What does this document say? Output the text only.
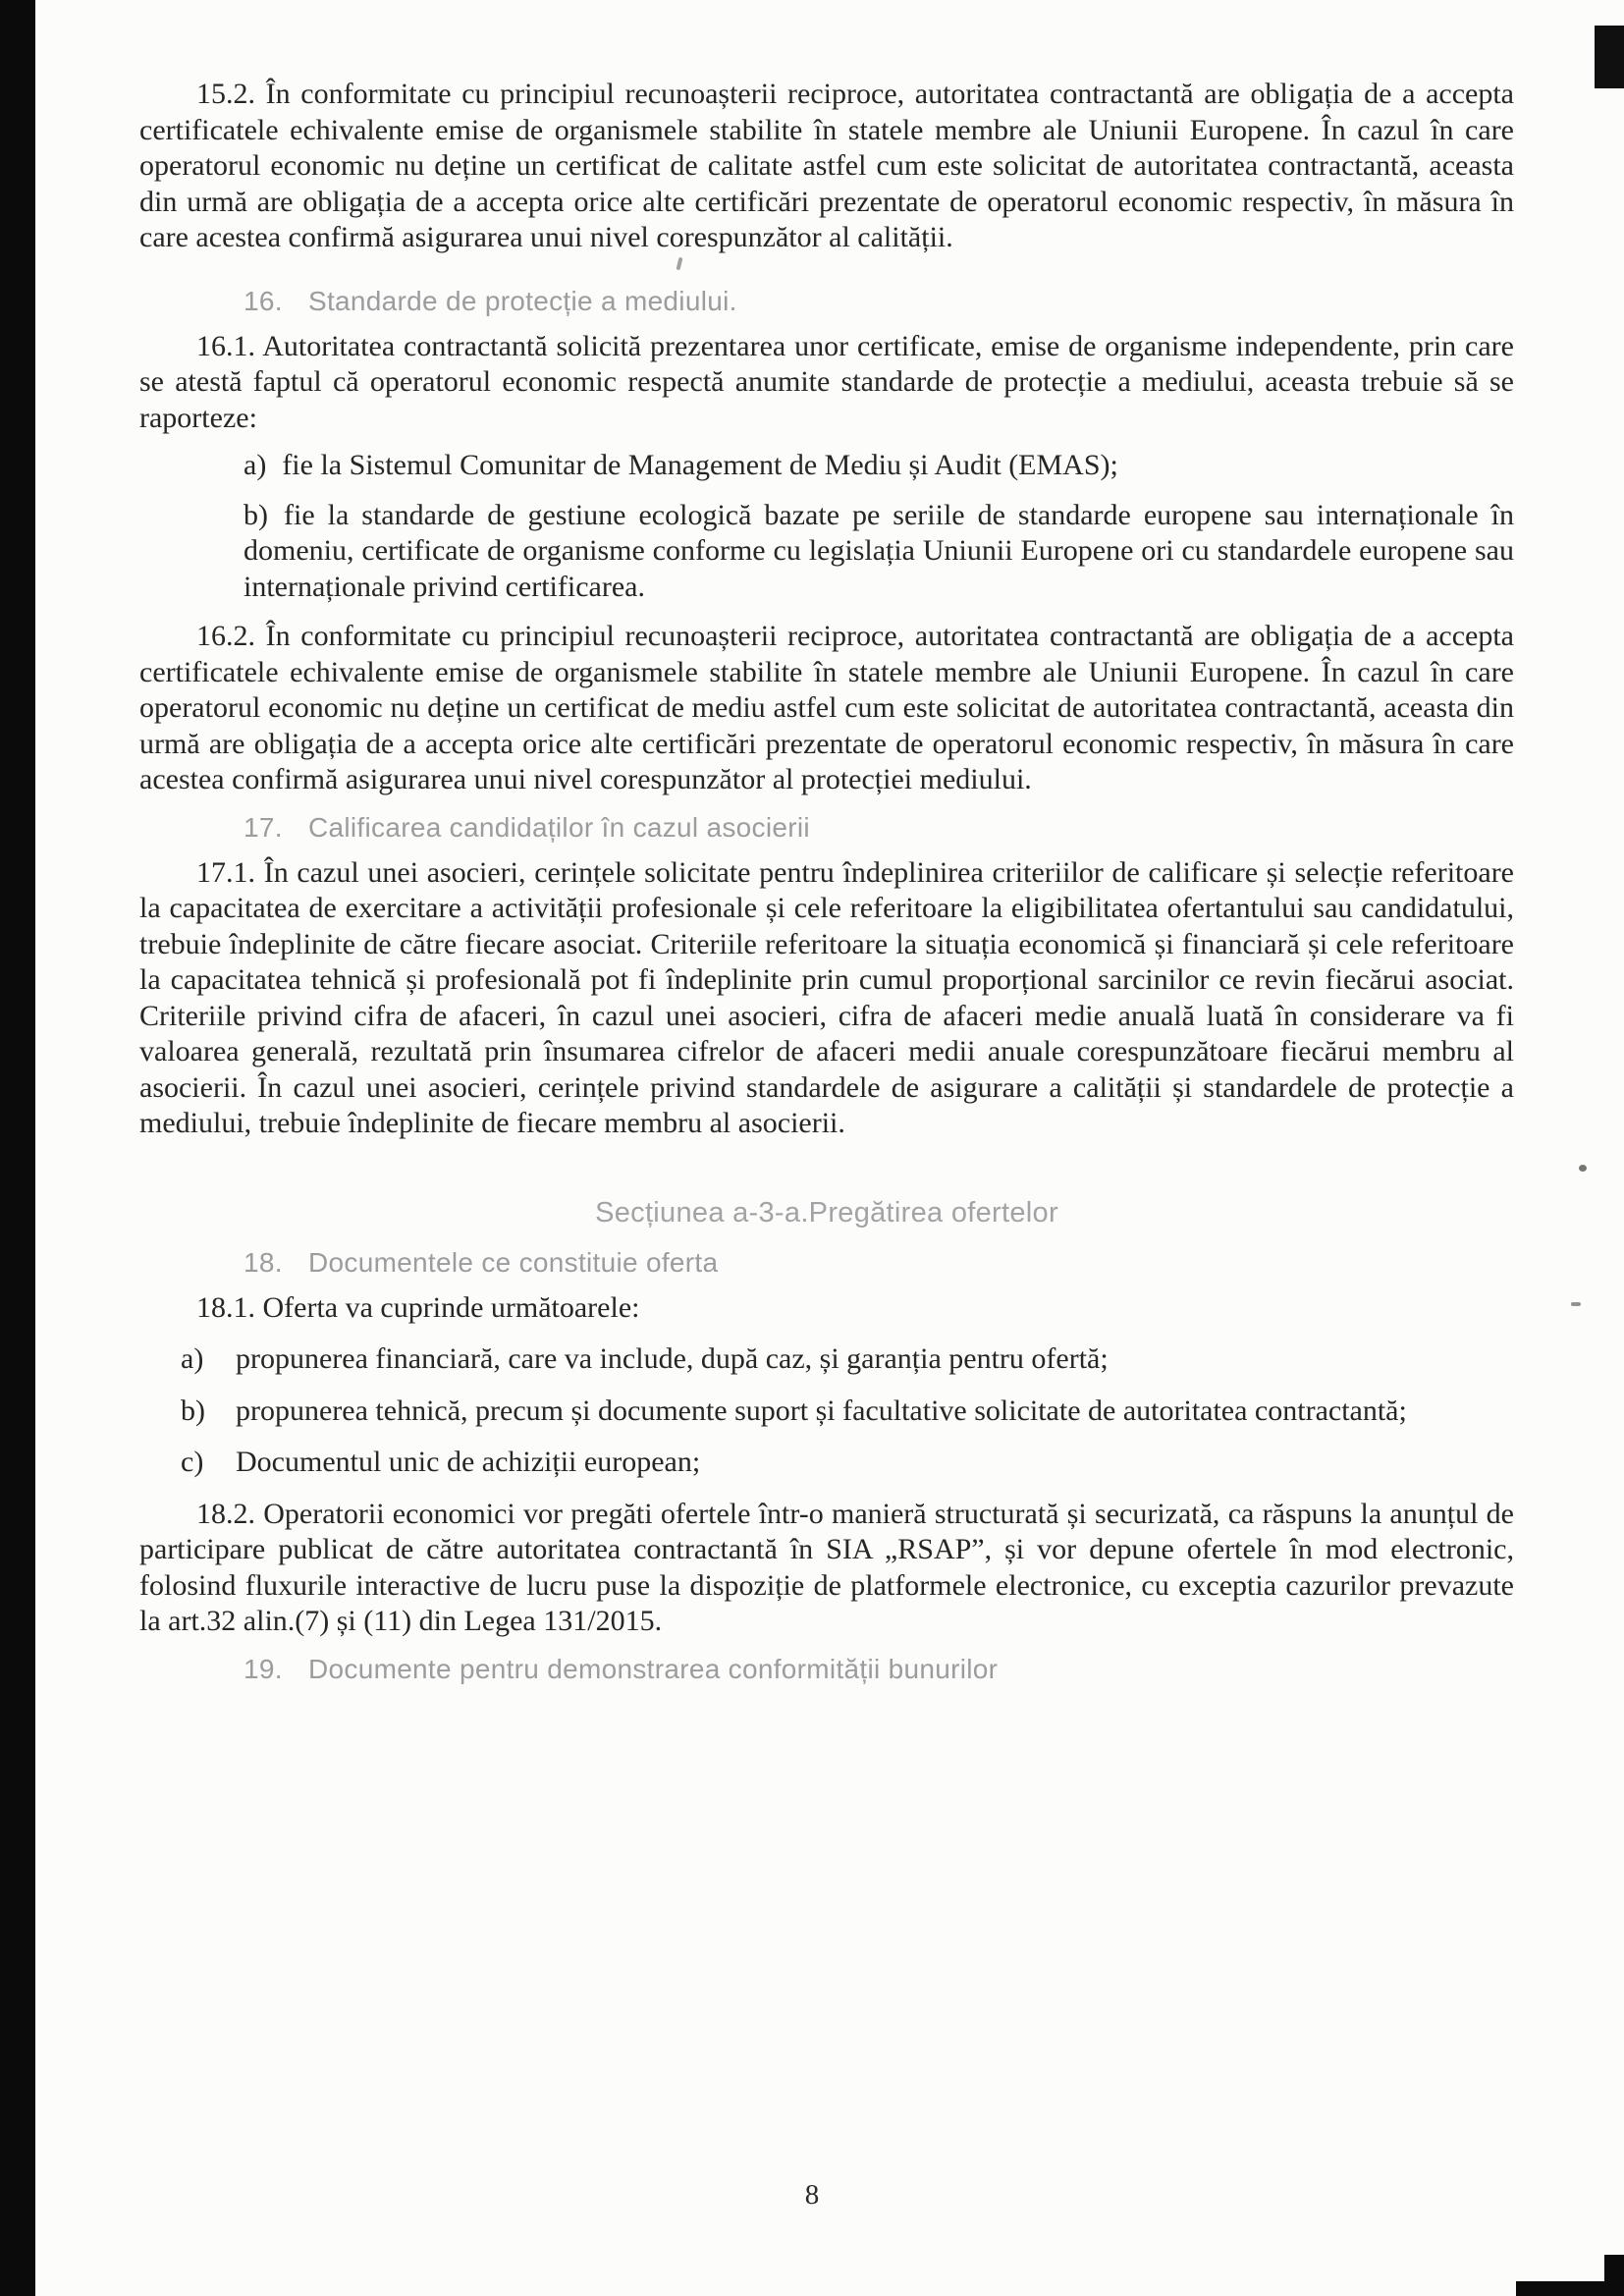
15.2. În conformitate cu principiul recunoașterii reciproce, autoritatea contractantă are obligația de a accepta certificatele echivalente emise de organismele stabilite în statele membre ale Uniunii Europene. În cazul în care operatorul economic nu deține un certificat de calitate astfel cum este solicitat de autoritatea contractantă, aceasta din urmă are obligația de a accepta orice alte certificări prezentate de operatorul economic respectiv, în măsura în care acestea confirmă asigurarea unui nivel corespunzător al calității.

16. Standarde de protecție a mediului.

16.1. Autoritatea contractantă solicită prezentarea unor certificate, emise de organisme independente, prin care se atestă faptul că operatorul economic respectă anumite standarde de protecție a mediului, aceasta trebuie să se raporteze:

a) fie la Sistemul Comunitar de Management de Mediu și Audit (EMAS);

b) fie la standarde de gestiune ecologică bazate pe seriile de standarde europene sau internaționale în domeniu, certificate de organisme conforme cu legislația Uniunii Europene ori cu standardele europene sau internaționale privind certificarea.

16.2. În conformitate cu principiul recunoașterii reciproce, autoritatea contractantă are obligația de a accepta certificatele echivalente emise de organismele stabilite în statele membre ale Uniunii Europene. În cazul în care operatorul economic nu deține un certificat de mediu astfel cum este solicitat de autoritatea contractantă, aceasta din urmă are obligația de a accepta orice alte certificări prezentate de operatorul economic respectiv, în măsura în care acestea confirmă asigurarea unui nivel corespunzător al protecției mediului.

17. Calificarea candidaților în cazul asocierii

17.1. În cazul unei asocieri, cerințele solicitate pentru îndeplinirea criteriilor de calificare și selecție referitoare la capacitatea de exercitare a activității profesionale și cele referitoare la eligibilitatea ofertantului sau candidatului, trebuie îndeplinite de către fiecare asociat. Criteriile referitoare la situația economică și financiară și cele referitoare la capacitatea tehnică și profesională pot fi îndeplinite prin cumul proporțional sarcinilor ce revin fiecărui asociat. Criteriile privind cifra de afaceri, în cazul unei asocieri, cifra de afaceri medie anuală luată în considerare va fi valoarea generală, rezultată prin însumarea cifrelor de afaceri medii anuale corespunzătoare fiecărui membru al asocierii. În cazul unei asocieri, cerințele privind standardele de asigurare a calității și standardele de protecție a mediului, trebuie îndeplinite de fiecare membru al asocierii.

Secțiunea a-3-a.Pregătirea ofertelor
18. Documentele ce constituie oferta

18.1. Oferta va cuprinde următoarele:

a)	propunerea financiară, care va include, după caz, și garanția pentru ofertă;
b)	propunerea tehnică, precum și documente suport și facultative solicitate de autoritatea contractantă;
c)	Documentul unic de achiziții european;

18.2. Operatorii economici vor pregăti ofertele într-o manieră structurată și securizată, ca răspuns la anunțul de participare publicat de către autoritatea contractantă în SIA „RSAP”, și vor depune ofertele în mod electronic, folosind fluxurile interactive de lucru puse la dispoziție de platformele electronice, cu exceptia cazurilor prevazute la art.32 alin.(7) și (11) din Legea 131/2015.

19. Documente pentru demonstrarea conformității bunurilor
8
